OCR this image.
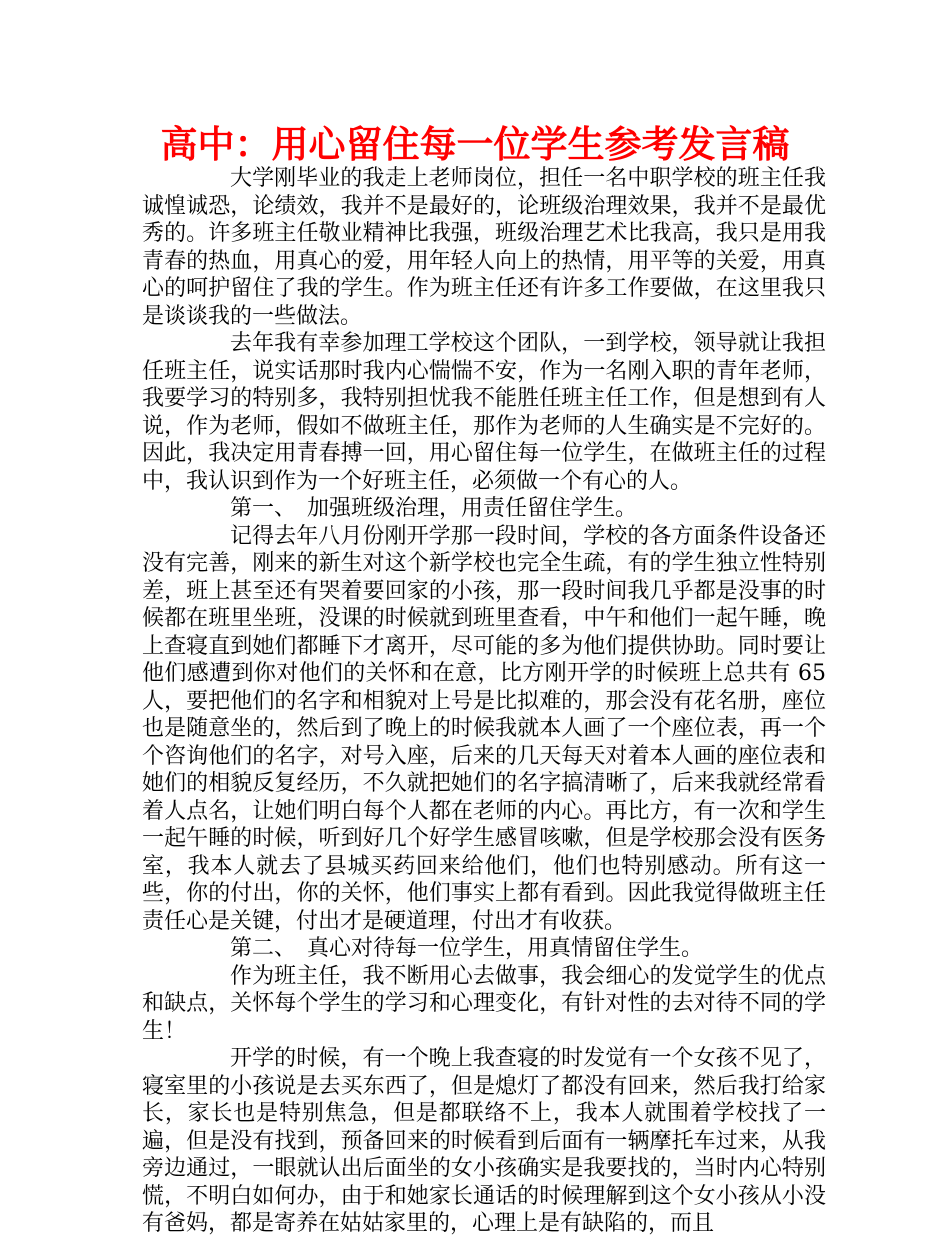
高中：用心留住每一位学生参考发言稿

大学刚毕业的我走上老师岗位，担任一名中职学校的班主任我诚惶诚恐，论绩效，我并不是最好的，论班级治理效果，我并不是最优秀的。许多班主任敬业精神比我强，班级治理艺术比我高，我只是用我青春的热血，用真心的爱，用年轻人向上的热情，用平等的关爱，用真心的呵护留住了我的学生。作为班主任还有许多工作要做，在这里我只是谈谈我的一些做法。

去年我有幸参加理工学校这个团队，一到学校，领导就让我担任班主任，说实话那时我内心惴惴不安，作为一名刚入职的青年老师，我要学习的特别多，我特别担忧我不能胜任班主任工作，但是想到有人说，作为老师，假如不做班主任，那作为老师的人生确实是不完好的。因此，我决定用青春搏一回，用心留住每一位学生，在做班主任的过程中，我认识到作为一个好班主任，必须做一个有心的人。

第一、　加强班级治理，用责任留住学生。

记得去年八月份刚开学那一段时间，学校的各方面条件设备还没有完善，刚来的新生对这个新学校也完全生疏，有的学生独立性特别差，班上甚至还有哭着要回家的小孩，那一段时间我几乎都是没事的时候都在班里坐班，没课的时候就到班里查看，中午和他们一起午睡，晚上查寝直到她们都睡下才离开，尽可能的多为他们提供协助。同时要让他们感遭到你对他们的关怀和在意，比方刚开学的时候班上总共有 65 人，要把他们的名字和相貌对上号是比拟难的，那会没有花名册，座位也是随意坐的，然后到了晚上的时候我就本人画了一个座位表，再一个个咨询他们的名字，对号入座，后来的几天每天对着本人画的座位表和她们的相貌反复经历，不久就把她们的名字搞清晰了，后来我就经常看着人点名，让她们明白每个人都在老师的内心。再比方，有一次和学生一起午睡的时候，听到好几个好学生感冒咳嗽，但是学校那会没有医务室，我本人就去了县城买药回来给他们，他们也特别感动。所有这一些，你的付出，你的关怀，他们事实上都有看到。因此我觉得做班主任责任心是关键，付出才是硬道理，付出才有收获。

第二、　真心对待每一位学生，用真情留住学生。

作为班主任，我不断用心去做事，我会细心的发觉学生的优点和缺点，关怀每个学生的学习和心理变化，有针对性的去对待不同的学生！

开学的时候，有一个晚上我查寝的时发觉有一个女孩不见了，寝室里的小孩说是去买东西了，但是熄灯了都没有回来，然后我打给家长，家长也是特别焦急，但是都联络不上，我本人就围着学校找了一遍，但是没有找到，预备回来的时候看到后面有一辆摩托车过来，从我旁边通过，一眼就认出后面坐的女小孩确实是我要找的，当时内心特别慌，不明白如何办，由于和她家长通话的时候理解到这个女小孩从小没有爸妈，都是寄养在姑姑家里的，心理上是有缺陷的，而且
